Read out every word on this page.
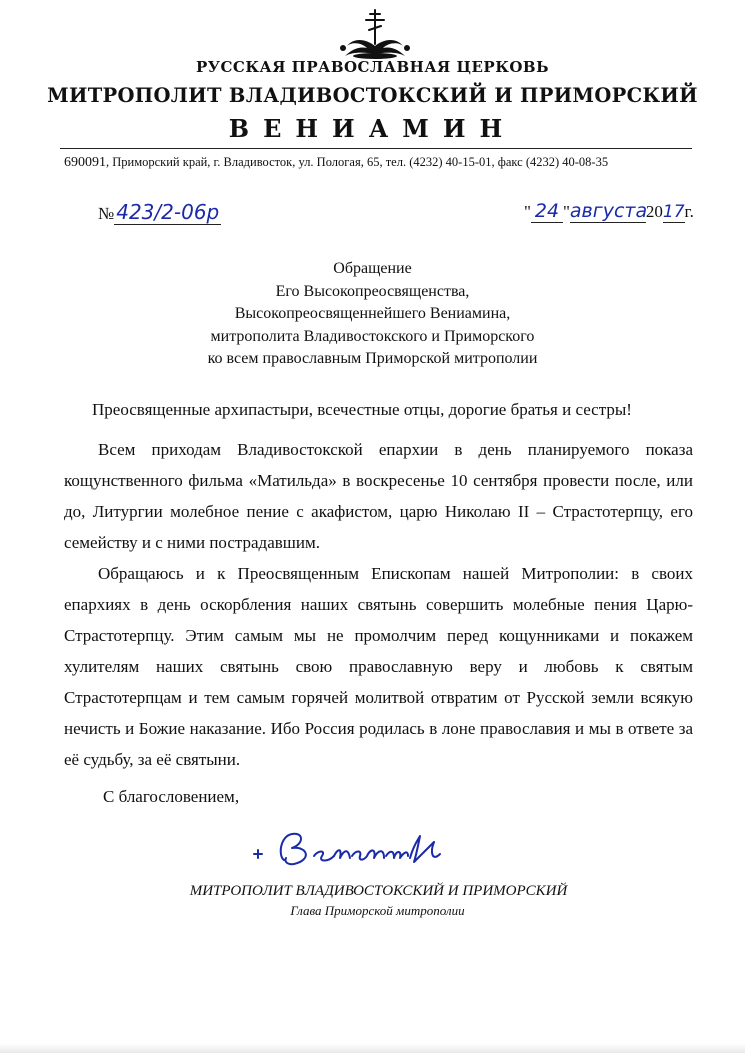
РУССКАЯ ПРАВОСЛАВНАЯ ЦЕРКОВЬ
МИТРОПОЛИТ ВЛАДИВОСТОКСКИЙ И ПРИМОРСКИЙ
ВЕНИАМИН
690091, Приморский край, г. Владивосток, ул. Пологая, 65, тел. (4232) 40-15-01, факс (4232) 40-08-35
№ 423/2-06р	" 24 "августа2017г.
Обращение
Его Высокопреосвященства,
Высокопреосвященнейшего Вениамина,
митрополита Владивостокского и Приморского
ко всем православным Приморской митрополии
Преосвященные архипастыри, всечестные отцы, дорогие братья и сестры!
Всем приходам Владивостокской епархии в день планируемого показа кощунственного фильма «Матильда» в воскресенье 10 сентября провести после, или до, Литургии молебное пение с акафистом, царю Николаю II – Страстотерпцу, его семейству и с ними пострадавшим.
Обращаюсь и к Преосвященным Епископам нашей Митрополии: в своих епархиях в день оскорбления наших святынь совершить молебные пения Царю-Страстотерпцу. Этим самым мы не промолчим перед кощунниками и покажем хулителям наших святынь свою православную веру и любовь к святым Страстотерпцам и тем самым горячей молитвой отвратим от Русской земли всякую нечисть и Божие наказание. Ибо Россия родилась в лоне православия и мы в ответе за её судьбу, за её святыни.
С благословением,
МИТРОПОЛИТ ВЛАДИВОСТОКСКИЙ И ПРИМОРСКИЙ
Глава Приморской митрополии
